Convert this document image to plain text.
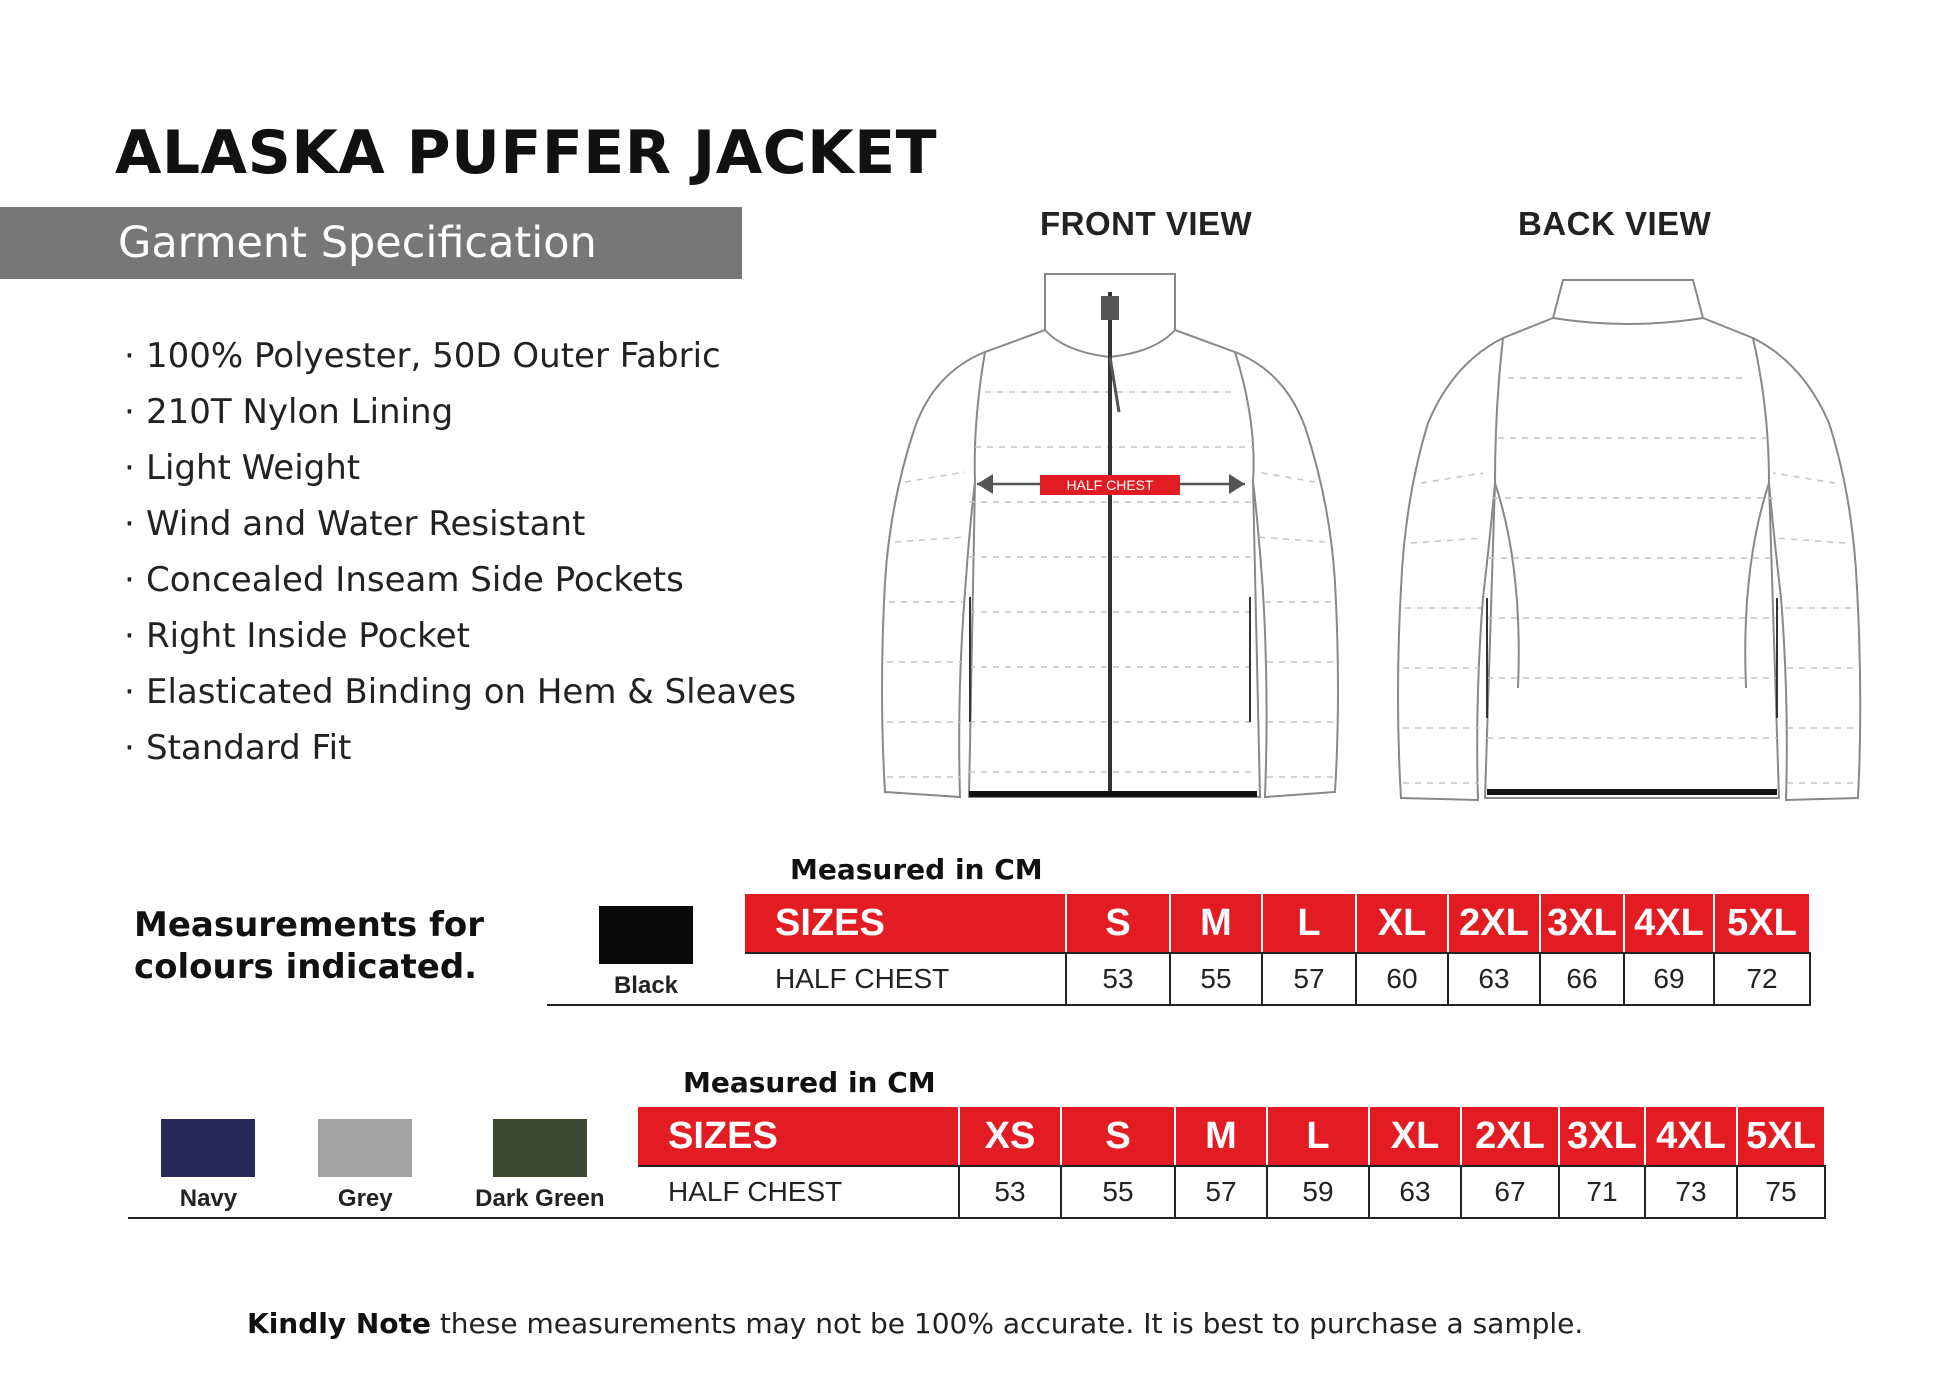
ALASKA PUFFER JACKET
Garment Specification
· 100% Polyester, 50D Outer Fabric
· 210T Nylon Lining
· Light Weight
· Wind and Water Resistant
· Concealed Inseam Side Pockets
· Right Inside Pocket
· Elasticated Binding on Hem & Sleaves
· Standard Fit
FRONT VIEW	BACK VIEW
HALF CHEST
Measurements for colours indicated.
Measured in CM
Black	SIZES	S	M	L	XL	2XL	3XL	4XL	5XL
	HALF CHEST	53	55	57	60	63	66	69	72
Measured in CM
Navy Grey Dark Green	SIZES	XS	S	M	L	XL	2XL	3XL	4XL	5XL
	HALF CHEST	53	55	57	59	63	67	71	73	75
Kindly Note these measurements may not be 100% accurate. It is best to purchase a sample.
